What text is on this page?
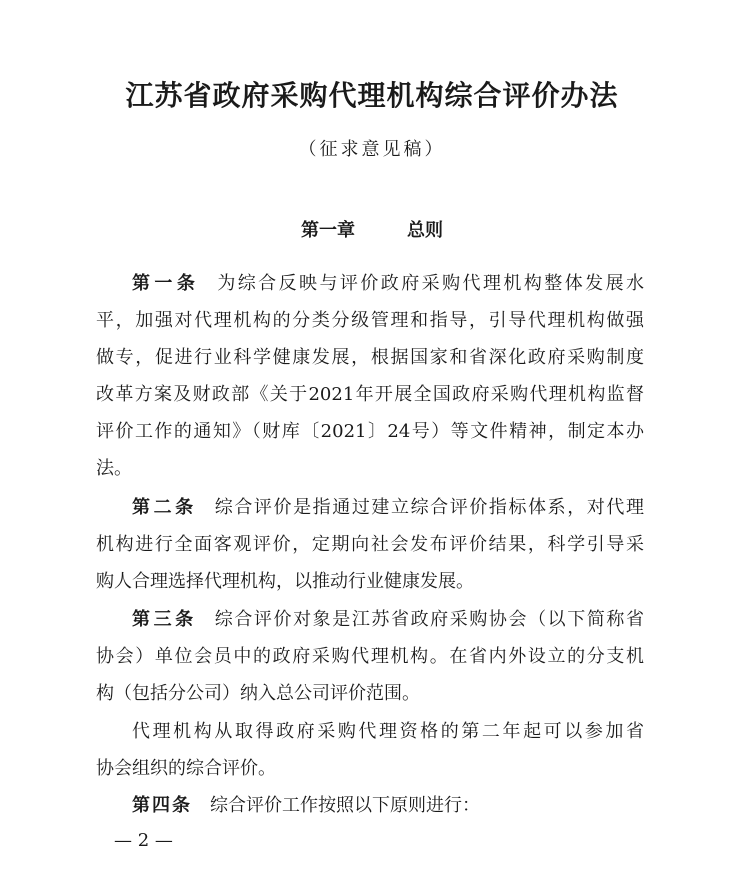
江苏省政府采购代理机构综合评价办法
（征求意见稿）
第一章	总则
第一条 为综合反映与评价政府采购代理机构整体发展水
平，加强对代理机构的分类分级管理和指导，引导代理机构做强
做专，促进行业科学健康发展，根据国家和省深化政府采购制度
改革方案及财政部《关于2021年开展全国政府采购代理机构监督
评价工作的通知》（财库〔2021〕24号）等文件精神，制定本办
法。
第二条 综合评价是指通过建立综合评价指标体系，对代理
机构进行全面客观评价，定期向社会发布评价结果，科学引导采
购人合理选择代理机构，以推动行业健康发展。
第三条 综合评价对象是江苏省政府采购协会（以下简称省
协会）单位会员中的政府采购代理机构。在省内外设立的分支机
构（包括分公司）纳入总公司评价范围。
代理机构从取得政府采购代理资格的第二年起可以参加省
协会组织的综合评价。
第四条 综合评价工作按照以下原则进行：
— 2 —
